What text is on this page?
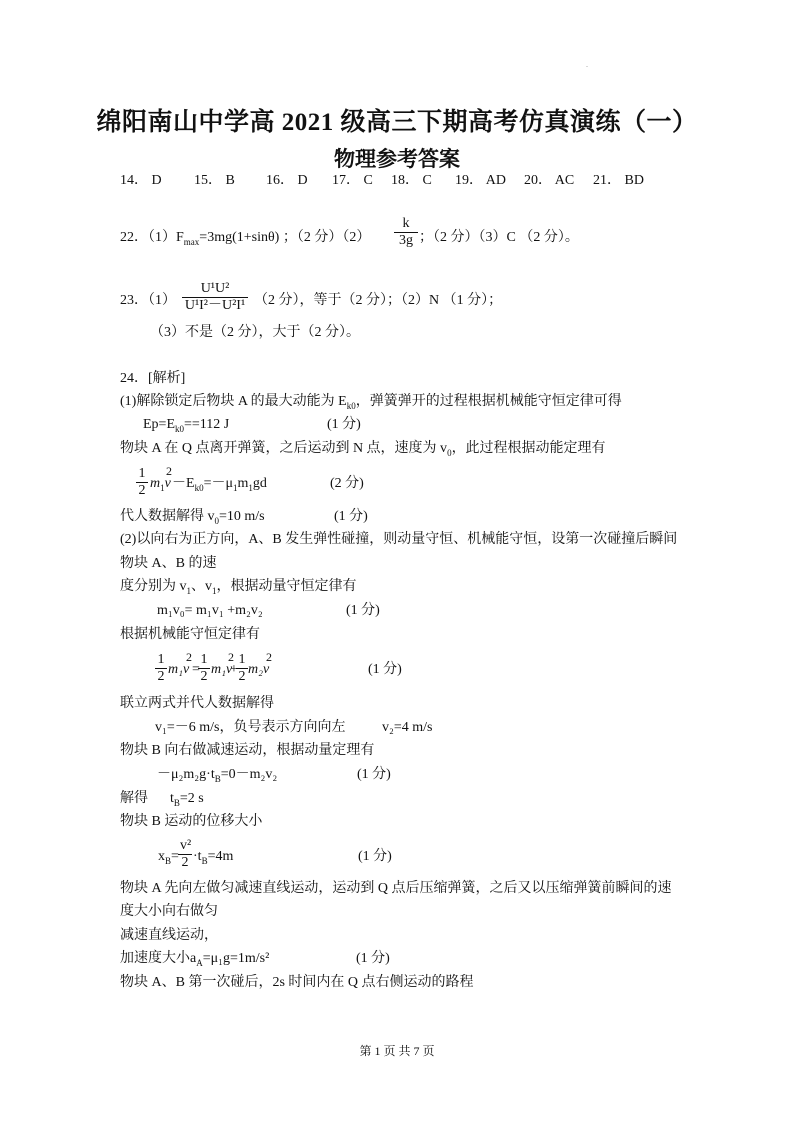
.
绵阳南山中学高 2021 级高三下期高考仿真演练（一）
物理参考答案
14． D 15． B 16． D 17． C 18． C 19． AD 20． AC 21． BD
22．$(1)F_{max}=3mg(1+\sin\theta)$ ；（2 分）（2）
k
3g ；（2 分）（3）C （2 分）。
23．（1）
U¹U²
U¹I²－U²I¹ （2 分），等于（2 分）；（2）N （1 分）；
（3）不是（2 分），大于（2 分）。
24．[解析]
(1)解除锁定后物块 A 的最大动能为 $E_{k0}$，弹簧弹开的过程根据机械能守恒定律可得
$Ep=E_{k0}==112$ J	(1 分)
物块 A 在 Q 点离开弹簧，之后运动到 N 点，速度为 $v_0$，此过程根据动能定理有
1
2 $m_1v$
2
$-E_{k0}=-\mu_1m_1gd$	(2 分)
代人数据解得 $v_0=10$ m/s	(1 分)
(2)以向右为正方向，A、B 发生弹性碰撞，则动量守恒、机械能守恒，设第一次碰撞后瞬间
物块 A、B 的速
度分别为 $v_1$、$v_1$，根据动量守恒定律有
m₁v₀= m₁v₁ +m₂v₂	(1 分)
根据机械能守恒定律有
1
2 m₁v
2
=
1
2 m₁v
2
+
1
2 m₂v
2
(1 分)
联立两式并代人数据解得
v₁=－6 m/s，负号表示方向向左	v₂=4 m/s
物块 B 向右做减速运动，根据动量定理有
$-\mu_2m_2g\cdot t_B=0-m_2v_2$	(1 分)
解得 $t_B=2$ s
物块 B 运动的位移大小
$x_B=$
v²
$2 \cdot t_B=4m$	(1 分)
物块 A 先向左做匀减速直线运动，运动到 Q 点后压缩弹簧，之后又以压缩弹簧前瞬间的速
度大小向右做匀
减速直线运动，
加速度大小 $a_A=\mu_1g=1m/s^2$	(1 分)
物块 A、B 第一次碰后，2s 时间内在 Q 点右侧运动的路程
第 1 页 共 7 页
